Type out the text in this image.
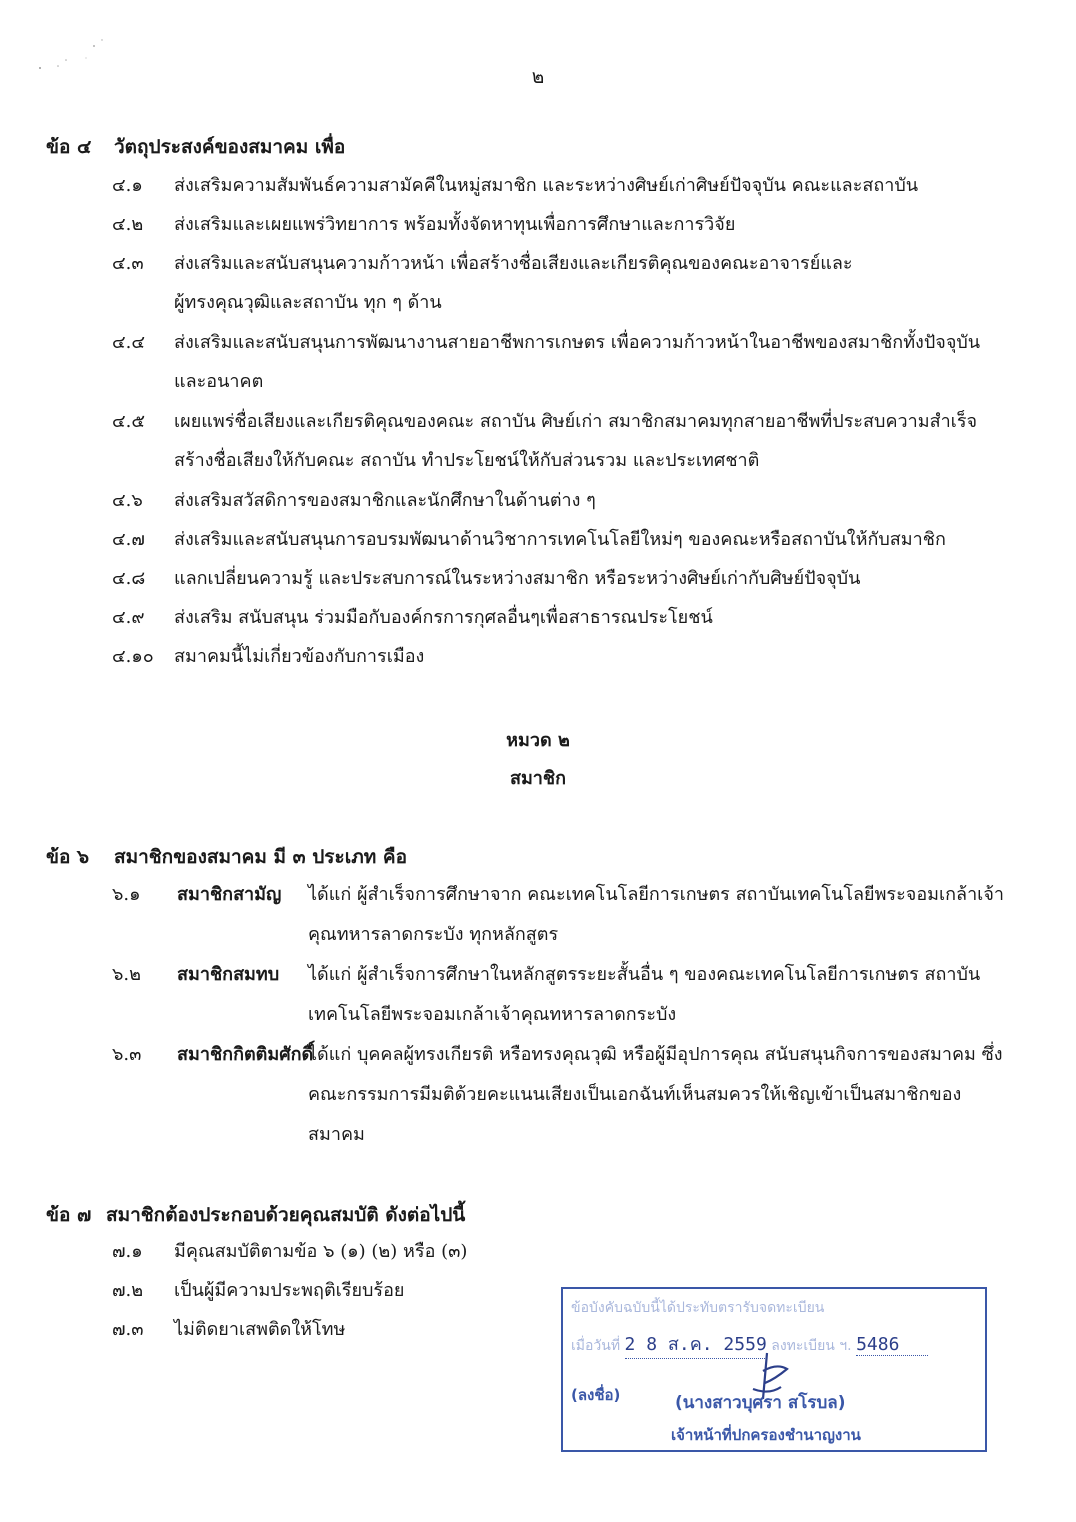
๒
ข้อ ๔ วัตถุประสงค์ของสมาคม เพื่อ
๔.๑	ส่งเสริมความสัมพันธ์ความสามัคคีในหมู่สมาชิก และระหว่างศิษย์เก่าศิษย์ปัจจุบัน คณะและสถาบัน
๔.๒	ส่งเสริมและเผยแพร่วิทยาการ พร้อมทั้งจัดหาทุนเพื่อการศึกษาและการวิจัย
๔.๓	ส่งเสริมและสนับสนุนความก้าวหน้า เพื่อสร้างชื่อเสียงและเกียรติคุณของคณะอาจารย์และผู้ทรงคุณวุฒิและสถาบัน ทุก ๆ ด้าน
๔.๔	ส่งเสริมและสนับสนุนการพัฒนางานสายอาชีพการเกษตร เพื่อความก้าวหน้าในอาชีพของสมาชิกทั้งปัจจุบันและอนาคต
๔.๕	เผยแพร่ชื่อเสียงและเกียรติคุณของคณะ สถาบัน ศิษย์เก่า สมาชิกสมาคมทุกสายอาชีพที่ประสบความสำเร็จ สร้างชื่อเสียงให้กับคณะ สถาบัน ทำประโยชน์ให้กับส่วนรวม และประเทศชาติ
๔.๖	ส่งเสริมสวัสดิการของสมาชิกและนักศึกษาในด้านต่าง ๆ
๔.๗	ส่งเสริมและสนับสนุนการอบรมพัฒนาด้านวิชาการเทคโนโลยีใหม่ๆ ของคณะหรือสถาบันให้กับสมาชิก
๔.๘	แลกเปลี่ยนความรู้ และประสบการณ์ในระหว่างสมาชิก หรือระหว่างศิษย์เก่ากับศิษย์ปัจจุบัน
๔.๙	ส่งเสริม สนับสนุน ร่วมมือกับองค์กรการกุศลอื่นๆเพื่อสาธารณประโยชน์
๔.๑๐	สมาคมนี้ไม่เกี่ยวข้องกับการเมือง
หมวด ๒
สมาชิก
ข้อ ๖ สมาชิกของสมาคม มี ๓ ประเภท คือ
๖.๑	สมาชิกสามัญ ได้แก่ ผู้สำเร็จการศึกษาจาก คณะเทคโนโลยีการเกษตร สถาบันเทคโนโลยีพระจอมเกล้าเจ้าคุณทหารลาดกระบัง ทุกหลักสูตร
๖.๒	สมาชิกสมทบ ได้แก่ ผู้สำเร็จการศึกษาในหลักสูตรระยะสั้นอื่น ๆ ของคณะเทคโนโลยีการเกษตร สถาบันเทคโนโลยีพระจอมเกล้าเจ้าคุณทหารลาดกระบัง
๖.๓	สมาชิกกิตติมศักดิ์
ได้แก่ บุคคลผู้ทรงเกียรติ หรือทรงคุณวุฒิ หรือผู้มีอุปการคุณ สนับสนุนกิจการของสมาคม ซึ่งคณะกรรมการมีมติด้วยคะแนนเสียงเป็นเอกฉันท์เห็นสมควรให้เชิญเข้าเป็นสมาชิกของสมาคม
ข้อ ๗ สมาชิกต้องประกอบด้วยคุณสมบัติ ดังต่อไปนี้
๗.๑	มีคุณสมบัติตามข้อ ๖ (๑) (๒) หรือ (๓)
๗.๒	เป็นผู้มีความประพฤติเรียบร้อย
๗.๓	ไม่ติดยาเสพติดให้โทษ
ข้อบังคับฉบับนี้ได้ประทับตรารับจดทะเบียน
เมื่อวันที่ 2 8 ส.ค. 2559 ลงทะเบียน ฯ. 5486
(ลงชื่อ)	(นางสาวบุศรา สโรบล)
เจ้าหน้าที่ปกครองชำนาญงาน
